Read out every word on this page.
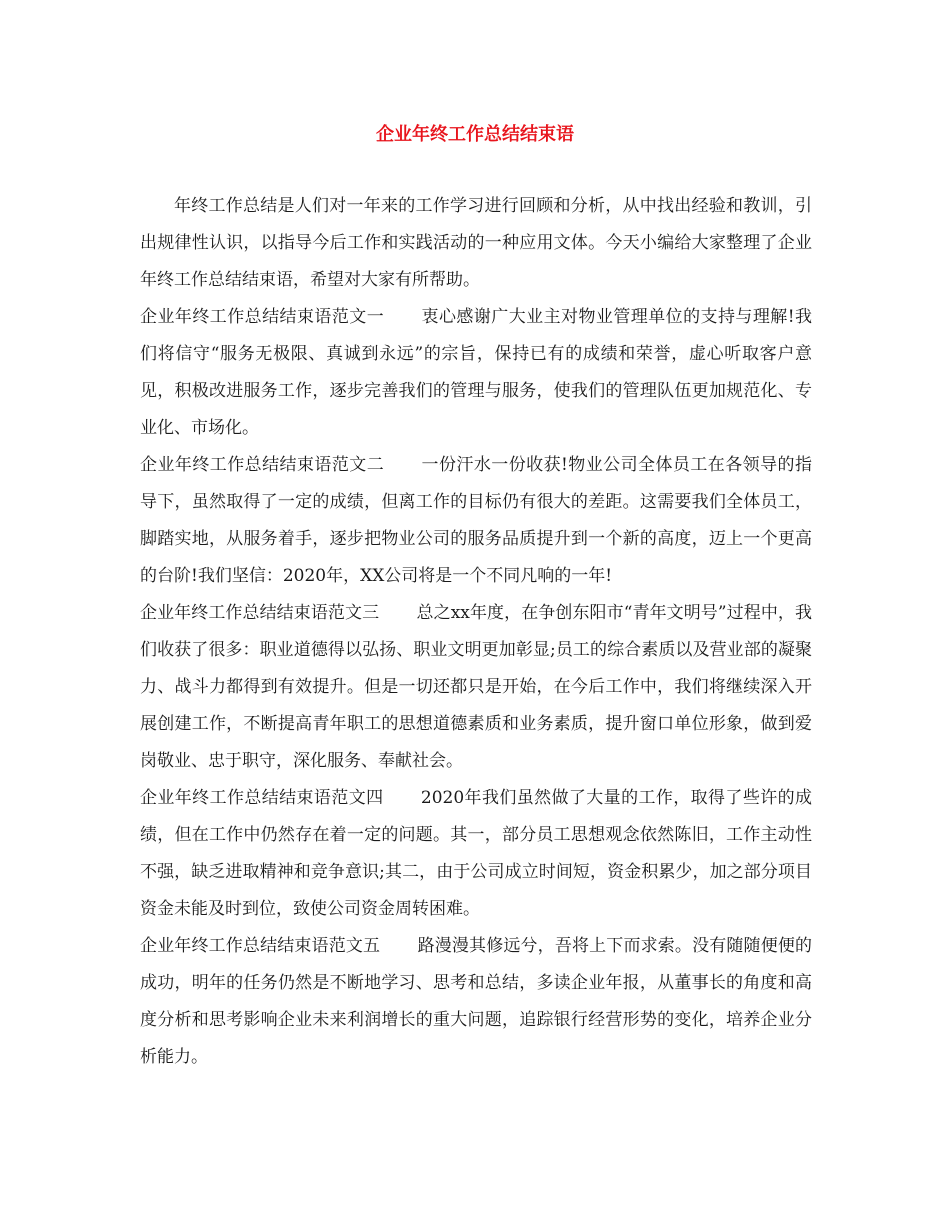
企业年终工作总结结束语

年终工作总结是人们对一年来的工作学习进行回顾和分析，从中找出经验和教训，引出规律性认识，以指导今后工作和实践活动的一种应用文体。今天小编给大家整理了企业年终工作总结结束语，希望对大家有所帮助。

企业年终工作总结结束语范文一 衷心感谢广大业主对物业管理单位的支持与理解!我们将信守“服务无极限、真诚到永远”的宗旨，保持已有的成绩和荣誉，虚心听取客户意见，积极改进服务工作，逐步完善我们的管理与服务，使我们的管理队伍更加规范化、专业化、市场化。

企业年终工作总结结束语范文二 一份汗水一份收获!物业公司全体员工在各领导的指导下，虽然取得了一定的成绩，但离工作的目标仍有很大的差距。这需要我们全体员工，脚踏实地，从服务着手，逐步把物业公司的服务品质提升到一个新的高度，迈上一个更高的台阶!我们坚信：2020年，XX公司将是一个不同凡响的一年!

企业年终工作总结结束语范文三 总之xx年度，在争创东阳市“青年文明号”过程中，我们收获了很多：职业道德得以弘扬、职业文明更加彰显;员工的综合素质以及营业部的凝聚力、战斗力都得到有效提升。但是一切还都只是开始，在今后工作中，我们将继续深入开展创建工作，不断提高青年职工的思想道德素质和业务素质，提升窗口单位形象，做到爱岗敬业、忠于职守，深化服务、奉献社会。

企业年终工作总结结束语范文四 2020年我们虽然做了大量的工作，取得了些许的成绩，但在工作中仍然存在着一定的问题。其一，部分员工思想观念依然陈旧，工作主动性不强，缺乏进取精神和竞争意识;其二，由于公司成立时间短，资金积累少，加之部分项目资金未能及时到位，致使公司资金周转困难。

企业年终工作总结结束语范文五 路漫漫其修远兮，吾将上下而求索。没有随随便便的成功，明年的任务仍然是不断地学习、思考和总结，多读企业年报，从董事长的角度和高度分析和思考影响企业未来利润增长的重大问题，追踪银行经营形势的变化，培养企业分析能力。
